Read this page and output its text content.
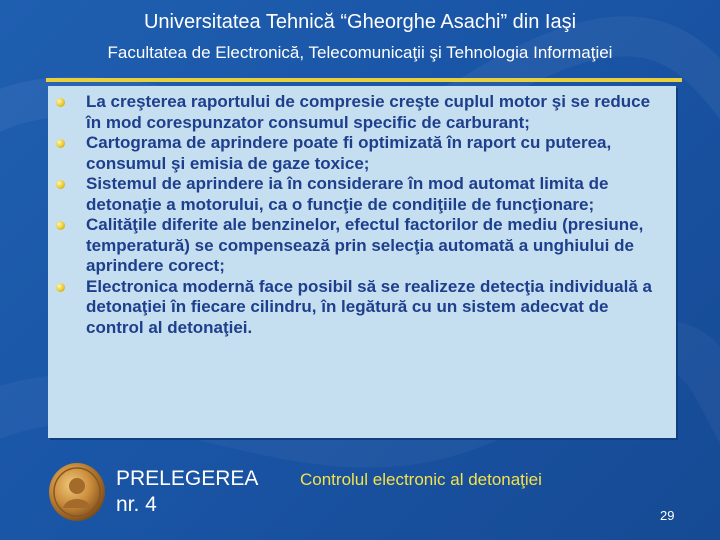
Universitatea Tehnică “Gheorghe Asachi” din Iaşi
Facultatea de Electronică, Telecomunicaţii şi Tehnologia Informaţiei
La creşterea raportului de compresie creşte cuplul motor şi se reduce în mod corespunzator consumul specific de carburant;
Cartograma de aprindere poate fi optimizată în raport cu puterea, consumul şi emisia de gaze toxice;
Sistemul de aprindere ia în considerare în mod automat limita de detonaţie a motorului, ca o funcţie de condiţiile de funcţionare;
Calităţile diferite ale benzinelor, efectul factorilor de mediu (presiune, temperatură) se compensează prin selecţia automată a unghiului de aprindere corect;
Electronica modernă face posibil să se realizeze detecţia individuală a detonaţiei în fiecare cilindru, în legătură cu un sistem adecvat de control al detonaţiei.
PRELEGEREA
nr. 4
Controlul electronic al detonaţiei
29
